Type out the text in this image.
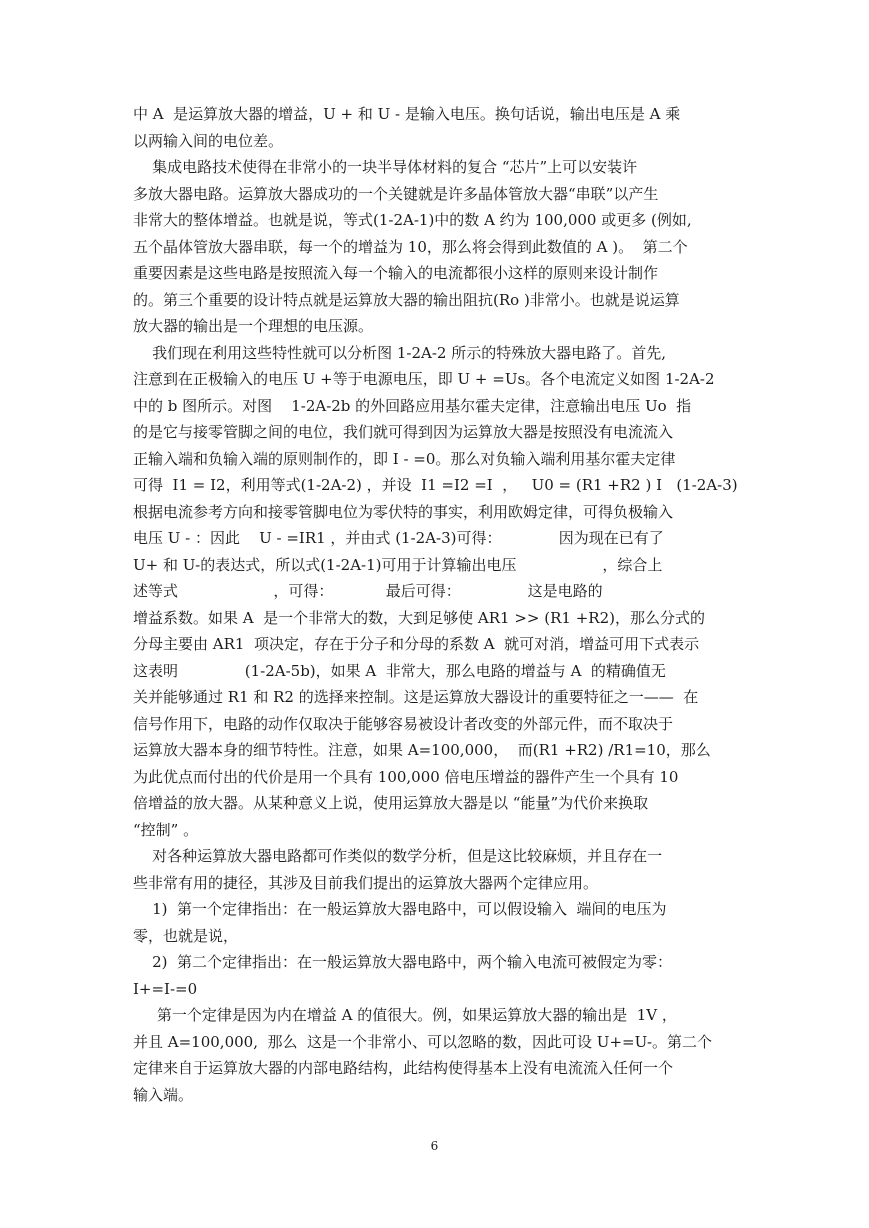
中 A  是运算放大器的增益，U + 和 U - 是输入电压。换句话说，输出电压是 A 乘
以两输入间的电位差。
集成电路技术使得在非常小的一块半导体材料的复合 “芯片”上可以安装许
多放大器电路。运算放大器成功的一个关键就是许多晶体管放大器“串联”以产生
非常大的整体增益。也就是说，等式(1-2A-1)中的数 A 约为 100,000 或更多 (例如,
五个晶体管放大器串联，每一个的增益为 10，那么将会得到此数值的 A )。  第二个
重要因素是这些电路是按照流入每一个输入的电流都很小这样的原则来设计制作
的。第三个重要的设计特点就是运算放大器的输出阻抗(Ro )非常小。也就是说运算
放大器的输出是一个理想的电压源。
我们现在利用这些特性就可以分析图 1-2A-2 所示的特殊放大器电路了。首先,
注意到在正极输入的电压 U +等于电源电压，即 U + =Us。各个电流定义如图 1-2A-2
中的 b 图所示。对图    1-2A-2b 的外回路应用基尔霍夫定律，注意输出电压 Uo  指
的是它与接零管脚之间的电位，我们就可得到因为运算放大器是按照没有电流流入
正输入端和负输入端的原则制作的，即 I - =0。那么对负输入端利用基尔霍夫定律
可得  I1 = I2，利用等式(1-2A-2) ，并设  I1 =I2 =I  ，   U0 = (R1 +R2 ) I   (1-2A-3)
根据电流参考方向和接零管脚电位为零伏特的事实，利用欧姆定律，可得负极输入
电压 U - ：因此    U - =IR1 ，并由式 (1-2A-3)可得：            因为现在已有了
U+ 和 U-的表达式，所以式(1-2A-1)可用于计算输出电压                  ，综合上
述等式                    ，可得：           最后可得：              这是电路的
增益系数。如果 A  是一个非常大的数，大到足够使 AR1 >> (R1 +R2)，那么分式的
分母主要由 AR1  项决定，存在于分子和分母的系数 A  就可对消，增益可用下式表示
这表明              (1-2A-5b)，如果 A  非常大，那么电路的增益与 A  的精确值无
关并能够通过 R1 和 R2 的选择来控制。这是运算放大器设计的重要特征之一——  在
信号作用下，电路的动作仅取决于能够容易被设计者改变的外部元件，而不取决于
运算放大器本身的细节特性。注意，如果 A=100,000，  而(R1 +R2) /R1=10，那么
为此优点而付出的代价是用一个具有 100,000 倍电压增益的器件产生一个具有 10
倍增益的放大器。从某种意义上说，使用运算放大器是以 “能量”为代价来换取
“控制” 。
对各种运算放大器电路都可作类似的数学分析，但是这比较麻烦，并且存在一
些非常有用的捷径，其涉及目前我们提出的运算放大器两个定律应用。
1)  第一个定律指出：在一般运算放大器电路中，可以假设输入  端间的电压为
零，也就是说，
2)  第二个定律指出：在一般运算放大器电路中，两个输入电流可被假定为零：
I+=I-=0
第一个定律是因为内在增益 A 的值很大。例，如果运算放大器的输出是  1V ，
并且 A=100,000,  那么  这是一个非常小、可以忽略的数，因此可设 U+=U-。第二个
定律来自于运算放大器的内部电路结构，此结构使得基本上没有电流流入任何一个
输入端。
6
